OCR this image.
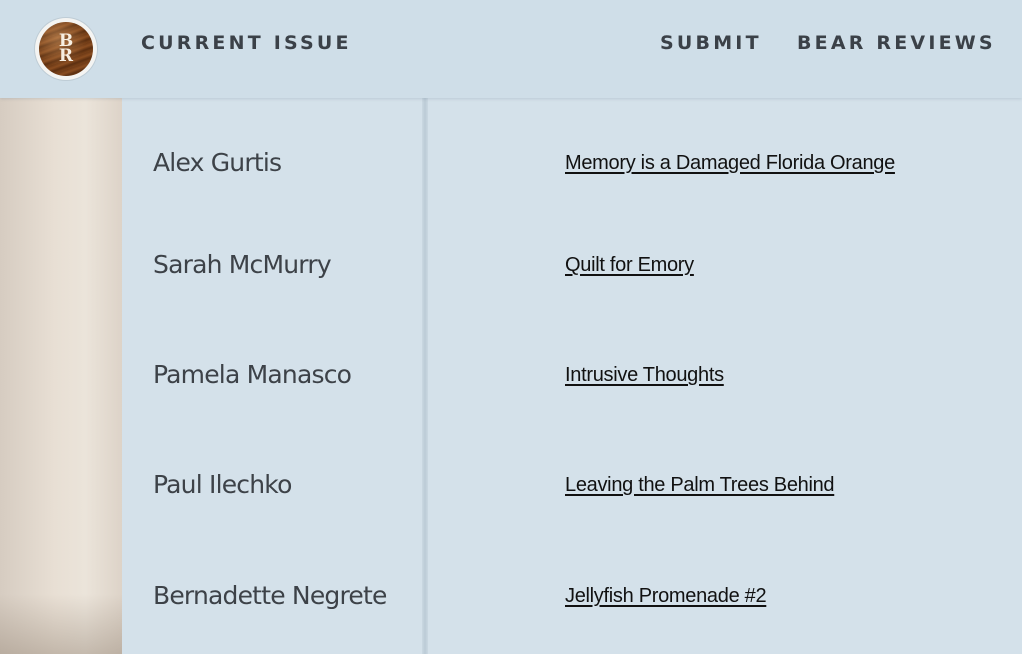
B
R
CURRENT ISSUE	SUBMIT BEAR REVIEWS
Alex Gurtis	Memory is a Damaged Florida Orange
Sarah McMurry	Quilt for Emory
Pamela Manasco	Intrusive Thoughts
Paul Ilechko	Leaving the Palm Trees Behind
Bernadette Negrete	Jellyfish Promenade #2
